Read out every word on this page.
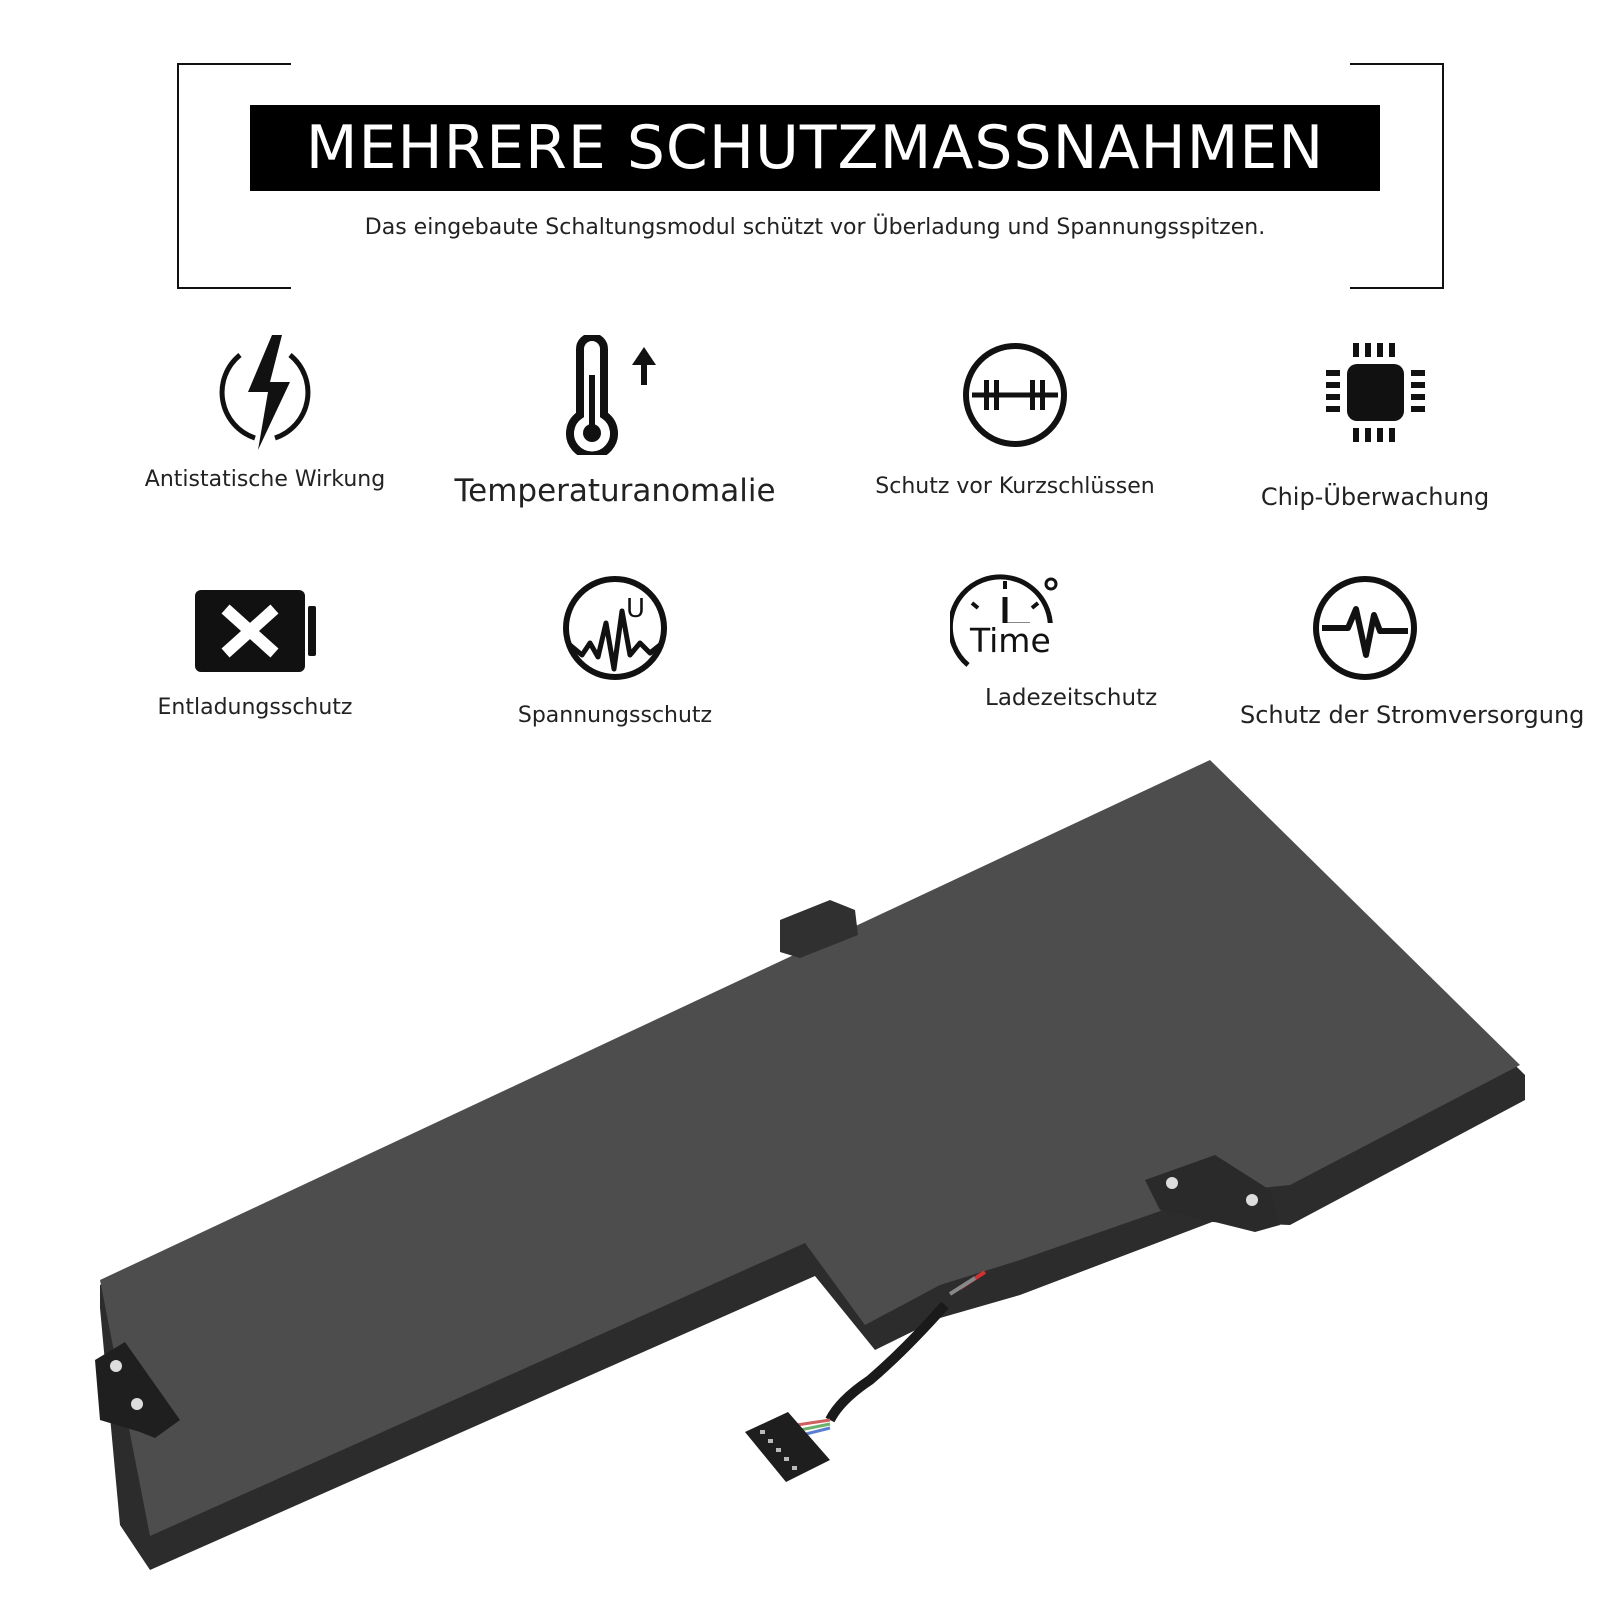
MEHRERE SCHUTZMASSNAHMEN
Das eingebaute Schaltungsmodul schützt vor Überladung und Spannungsspitzen.
Antistatische Wirkung	Temperaturanomalie	Schutz vor Kurzschlüssen	Chip-Überwachung
Entladungsschutz
U
Spannungsschutz
Time
Ladezeitschutz
Schutz der Stromversorgung
